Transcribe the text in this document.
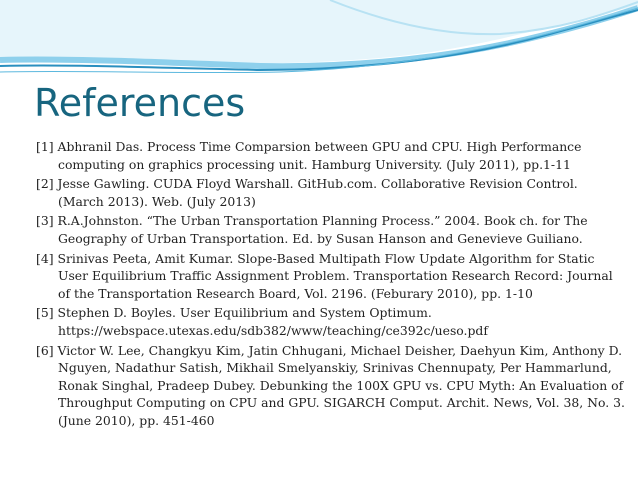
References
[1] Abhranil Das. Process Time Comparsion between GPU and CPU. High Performance computing on graphics processing unit. Hamburg University. (July 2011), pp.1-11
[2] Jesse Gawling. CUDA Floyd Warshall. GitHub.com. Collaborative Revision Control. (March 2013). Web. (July 2013)
[3] R.A.Johnston. “The Urban Transportation Planning Process.” 2004. Book ch. for The Geography of Urban Transportation. Ed. by Susan Hanson and Genevieve Guiliano.
[4] Srinivas Peeta, Amit Kumar. Slope-Based Multipath Flow Update Algorithm for Static User Equilibrium Traffic Assignment Problem. Transportation Research Record: Journal of the Transportation Research Board, Vol. 2196. (Feburary 2010), pp. 1-10
[5] Stephen D. Boyles. User Equilibrium and System Optimum. https://webspace.utexas.edu/sdb382/www/teaching/ce392c/ueso.pdf
[6] Victor W. Lee, Changkyu Kim, Jatin Chhugani, Michael Deisher, Daehyun Kim, Anthony D. Nguyen, Nadathur Satish, Mikhail Smelyanskiy, Srinivas Chennupaty, Per Hammarlund, Ronak Singhal, Pradeep Dubey. Debunking the 100X GPU vs. CPU Myth: An Evaluation of Throughput Computing on CPU and GPU. SIGARCH Comput. Archit. News, Vol. 38, No. 3. (June 2010), pp. 451-460
